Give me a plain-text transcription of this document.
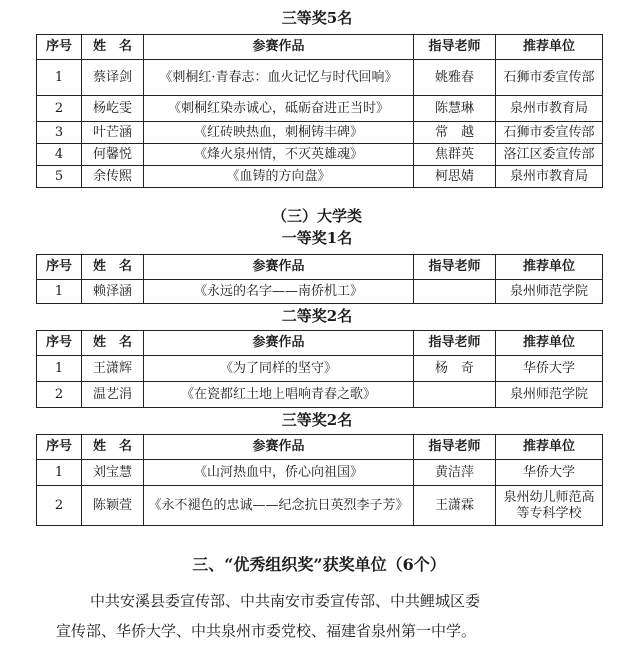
三等奖5名
序号	姓　名	参赛作品	指导老师	推荐单位
1	蔡译剑	《刺桐红·青春志：血火记忆与时代回响》	姚雅春	石狮市委宣传部
2	杨屹雯	《刺桐红染赤诚心，砥砺奋进正当时》	陈慧琳	泉州市教育局
3	叶芒涵	《红砖映热血，刺桐铸丰碑》	常　越	石狮市委宣传部
4	何馨悦	《烽火泉州情，不灭英雄魂》	焦群英	洛江区委宣传部
5	余传熙	《血铸的方向盘》	柯思婧	泉州市教育局
（三）大学类
一等奖1名
序号	姓　名	参赛作品	指导老师	推荐单位
1	赖泽涵	《永远的名字——南侨机工》		泉州师范学院
二等奖2名
序号	姓　名	参赛作品	指导老师	推荐单位
1	王潇辉	《为了同样的坚守》	杨　奇	华侨大学
2	温艺涓	《在瓷都红土地上唱响青春之歌》		泉州师范学院
三等奖2名
序号	姓　名	参赛作品	指导老师	推荐单位
1	刘宝慧	《山河热血中，侨心向祖国》	黄洁萍	华侨大学
2	陈颖萱	《永不褪色的忠诚——纪念抗日英烈李子芳》	王潇霖	泉州幼儿师范高等专科学校
三、“优秀组织奖”获奖单位（6个）
中共安溪县委宣传部、中共南安市委宣传部、中共鲤城区委
宣传部、华侨大学、中共泉州市委党校、福建省泉州第一中学。
